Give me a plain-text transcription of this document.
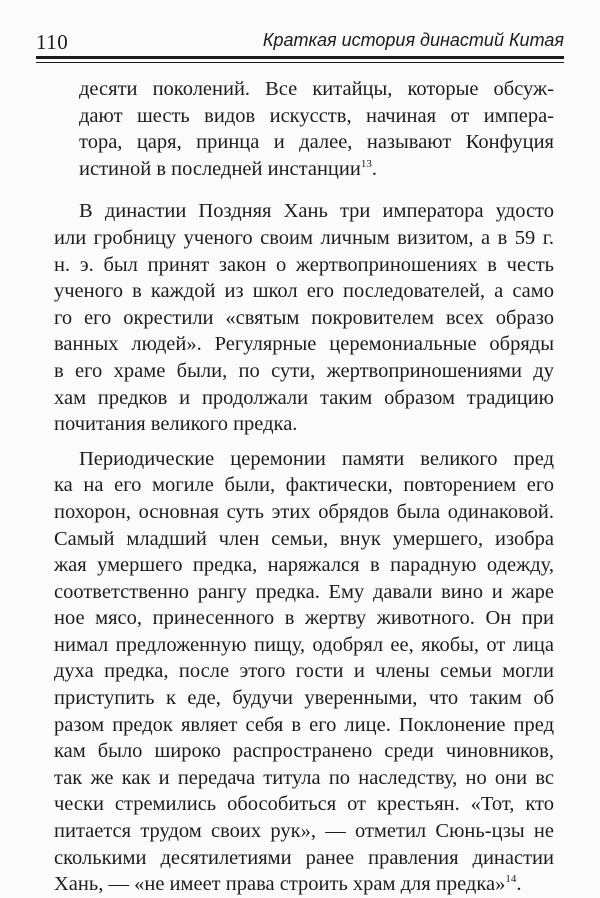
110	Краткая история династий Китая
десяти поколений. Все китайцы, которые обсуж-
дают шесть видов искусств, начиная от импера-
тора, царя, принца и далее, называют Конфуция
истиной в последней инстанции$^{13}$.
В династии Поздняя Хань три императора удосто
или гробницу ученого своим личным визитом, а в 59 г.
н. э. был принят закон о жертвоприношениях в честь
ученого в каждой из школ его последователей, а само
го его окрестили «святым покровителем всех образо
ванных людей». Регулярные церемониальные обряды
в его храме были, по сути, жертвоприношениями ду
хам предков и продолжали таким образом традицию
почитания великого предка.
Периодические церемонии памяти великого пред
ка на его могиле были, фактически, повторением его
похорон, основная суть этих обрядов была одинаковой.
Самый младший член семьи, внук умершего, изобра
жая умершего предка, наряжался в парадную одежду,
соответственно рангу предка. Ему давали вино и жаре
ное мясо, принесенного в жертву животного. Он при
нимал предложенную пищу, одобрял ее, якобы, от лица
духа предка, после этого гости и члены семьи могли
приступить к еде, будучи уверенными, что таким об
разом предок являет себя в его лице. Поклонение пред
кам было широко распространено среди чиновников,
так же как и передача титула по наследству, но они вс
чески стремились обособиться от крестьян. «Тот, кто
питается трудом своих рук», — отметил Сюнь-цзы не
сколькими десятилетиями ранее правления династии
Хань, — «не имеет права строить храм для предка»$^{14}$.
